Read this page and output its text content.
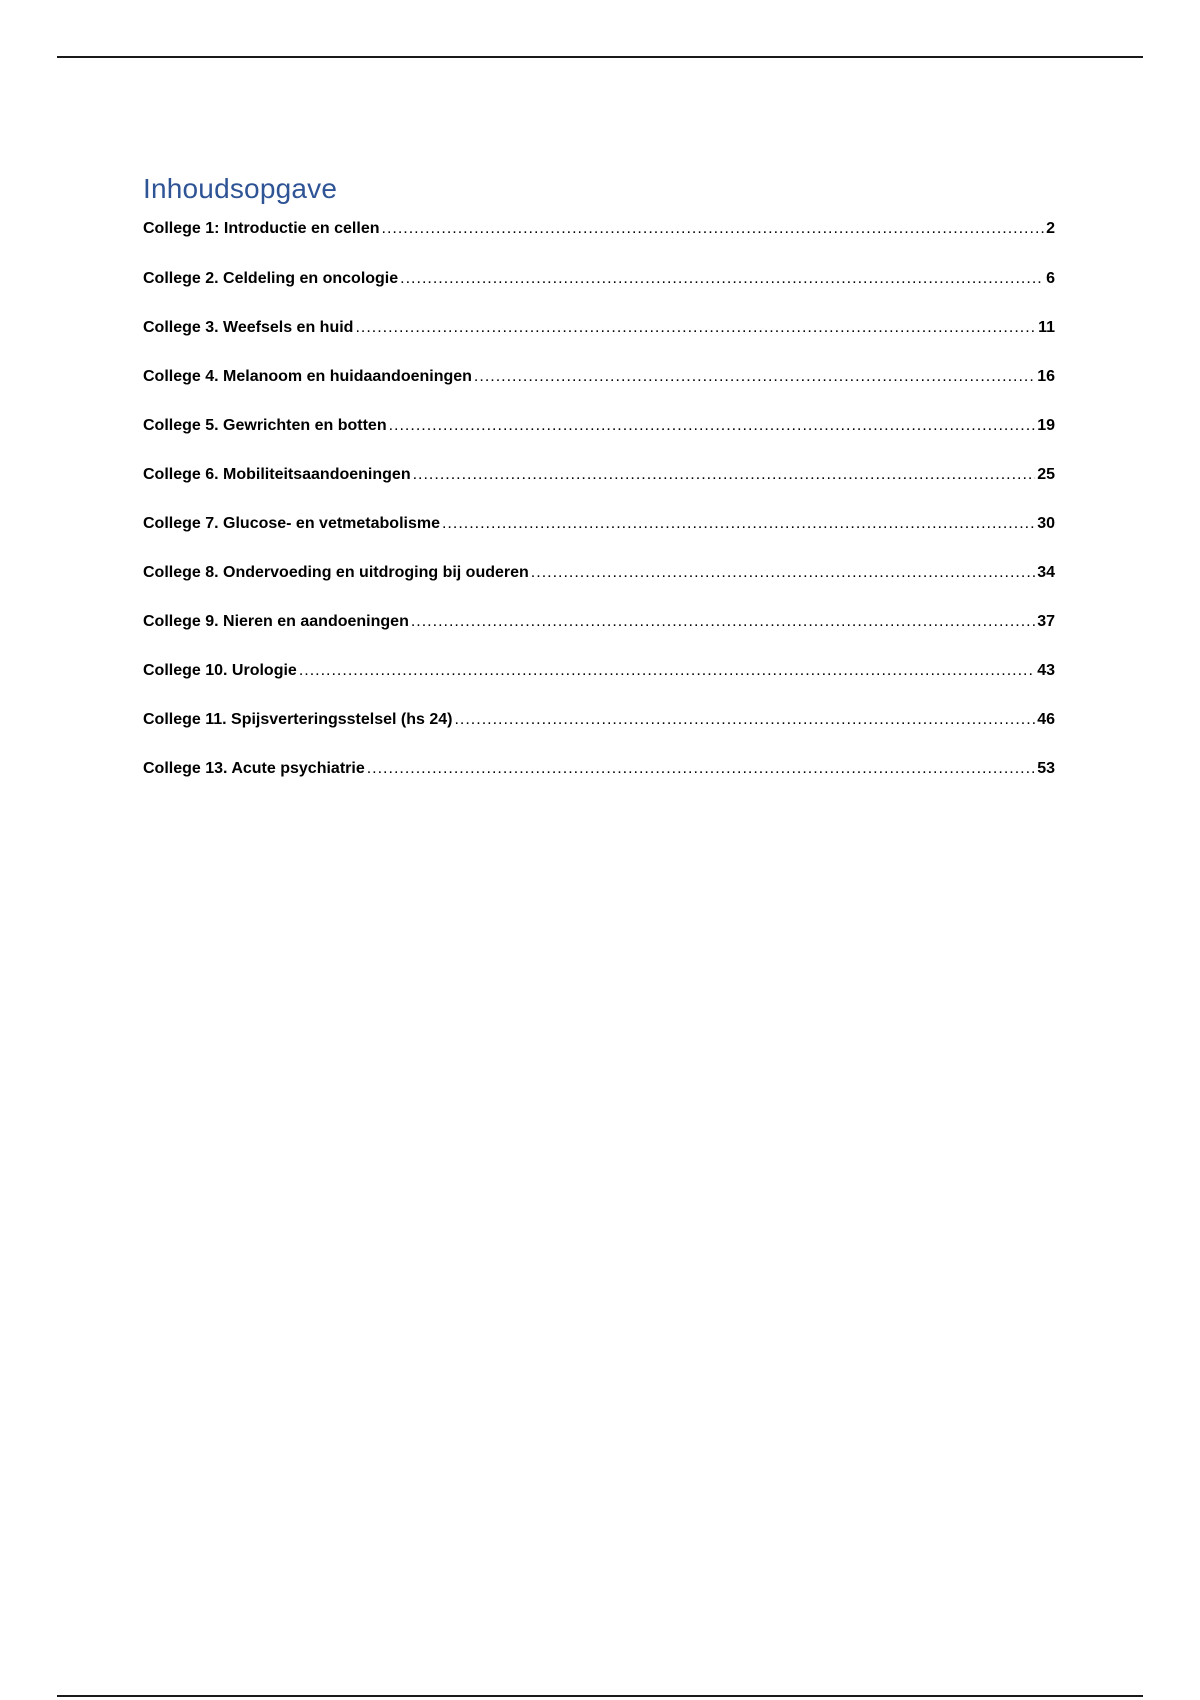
Inhoudsopgave
College 1: Introductie en cellen .....	2
College 2. Celdeling en oncologie .....	6
College 3. Weefsels en huid .....	11
College 4. Melanoom en huidaandoeningen .....	16
College 5. Gewrichten en botten .....	19
College 6. Mobiliteitsaandoeningen .....	25
College 7. Glucose- en vetmetabolisme .....	30
College 8. Ondervoeding en uitdroging bij ouderen .....	34
College 9. Nieren en aandoeningen .....	37
College 10. Urologie .....	43
College 11. Spijsverteringsstelsel (hs 24) .....	46
College 13. Acute psychiatrie .....	53
